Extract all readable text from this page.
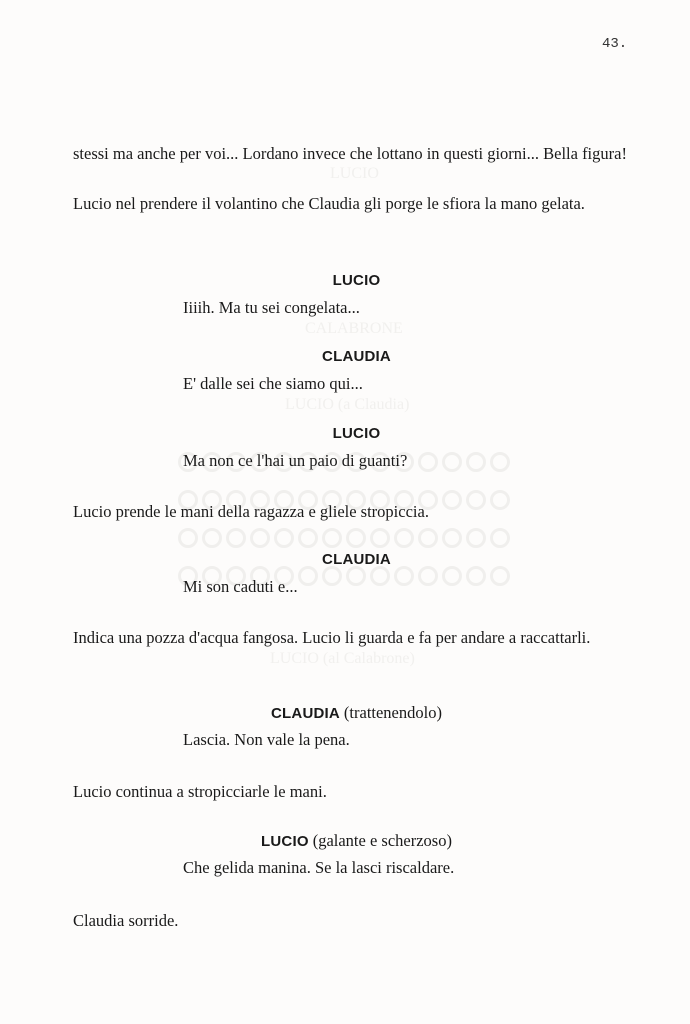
43.
LUCIO
CALABRONE
LUCIO (a Claudia)
LUCIO (al Calabrone)

stessi ma anche per voi... Lordano invece che lottano in questi giorni... Bella figura!

Lucio nel prendere il volantino che Claudia gli porge le sfiora la mano gelata.

LUCIO

Iiiih. Ma tu sei congelata...

CLAUDIA

E' dalle sei che siamo qui...

LUCIO

Ma non ce l'hai un paio di guanti?

Lucio prende le mani della ragazza e gliele stropiccia.

CLAUDIA

Mi son caduti e...

Indica una pozza d'acqua fangosa. Lucio li guarda e fa per andare a raccattarli.

CLAUDIA (trattenendolo)

Lascia. Non vale la pena.

Lucio continua a stropicciarle le mani.

LUCIO (galante e scherzoso)

Che gelida manina. Se la lasci riscaldare.

Claudia sorride.
